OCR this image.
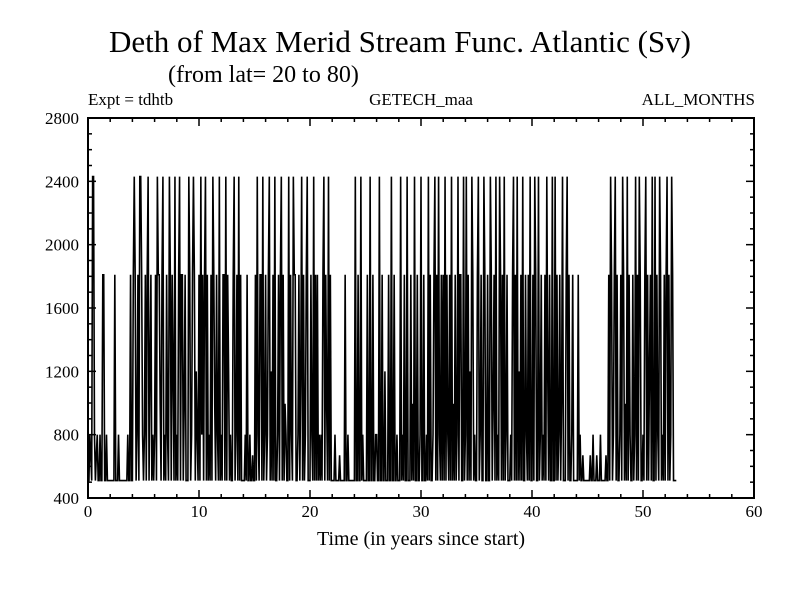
Deth of Max Merid Stream Func. Atlantic (Sv)
(from lat= 20 to 80)
Expt = tdhtb	GETECH_maa	ALL_MONTHS
0	10	20	30	40	50	60
400
800
1200
1600
2000
2400
2800
Time (in years since start)
